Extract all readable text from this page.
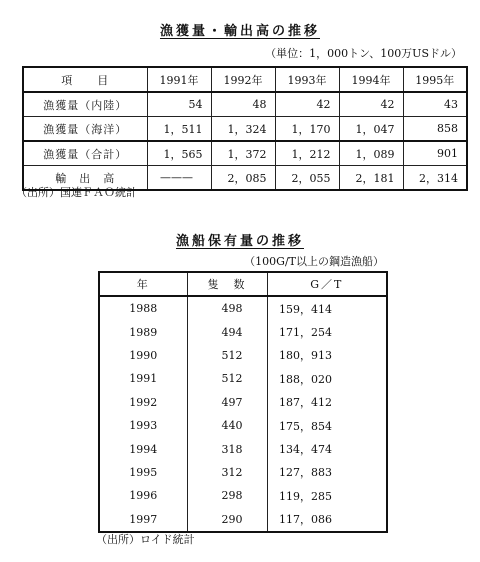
漁獲量・輸出高の推移
（単位：1，000トン、100万USドル）
項　　目	1991年	1992年	1993年	1994年	1995年
漁獲量（内陸）	54	48	42	42	43
漁獲量（海洋）	1，511	1，324	1，170	1，047	858
漁獲量（合計）	1，565	1，372	1，212	1，089	901
輸　出　高	———	2，085	2，055	2，181	2，314
（出所）国連ＦＡＯ統計
漁船保有量の推移
（100G/T以上の鋼造漁船）
年	隻　数	G／T
1988	498	159，414
1989	494	171，254
1990	512	180，913
1991	512	188，020
1992	497	187，412
1993	440	175，854
1994	318	134，474
1995	312	127，883
1996	298	119，285
1997	290	117，086
（出所）ロイド統計
